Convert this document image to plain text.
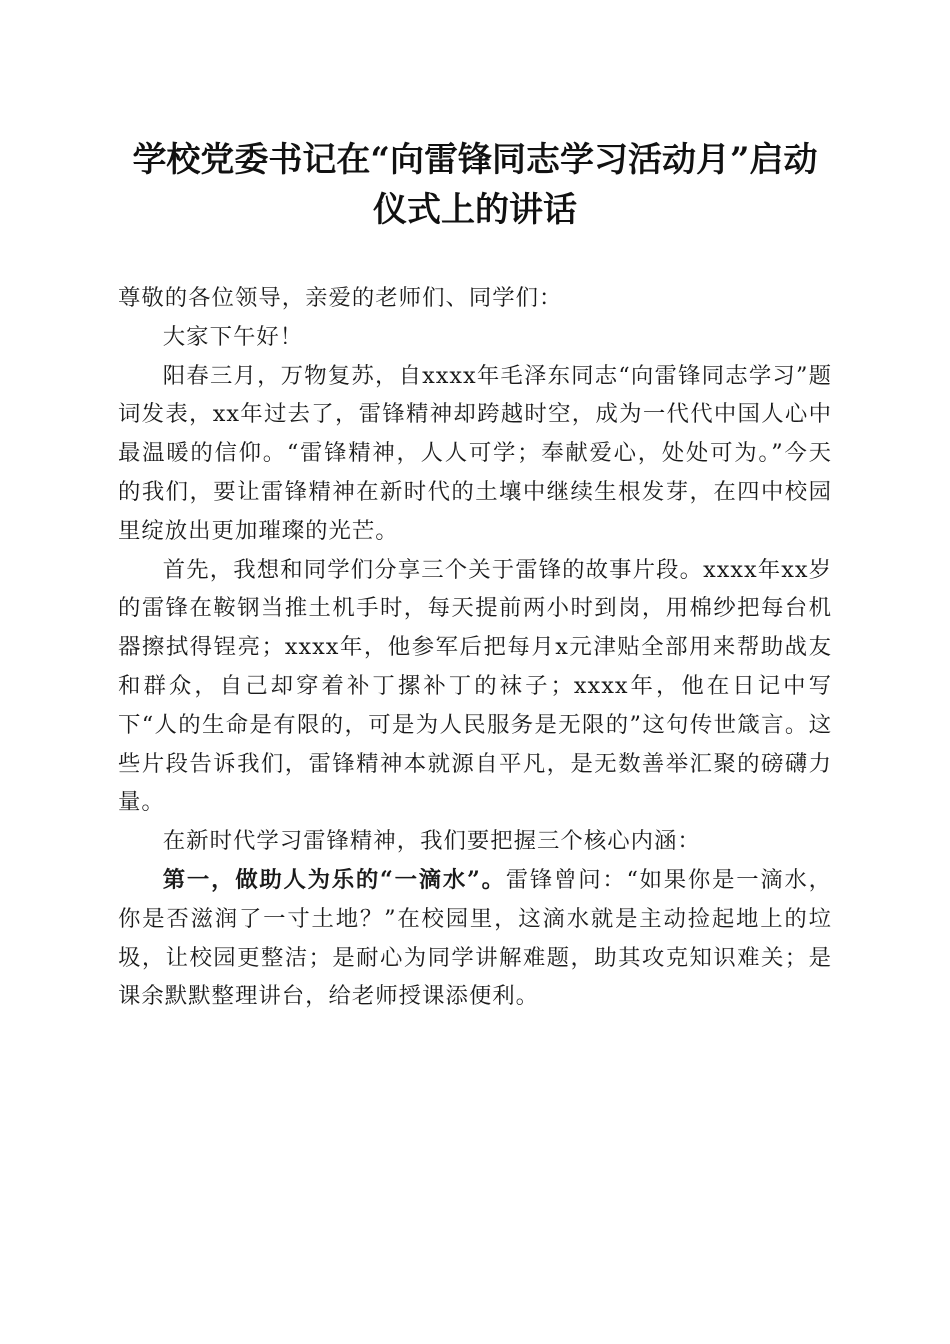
学校党委书记在“向雷锋同志学习活动月”启动仪式上的讲话

尊敬的各位领导，亲爱的老师们、同学们：

大家下午好！

阳春三月，万物复苏，自xxxx年毛泽东同志“向雷锋同志学习”题词发表，xx年过去了，雷锋精神却跨越时空，成为一代代中国人心中最温暖的信仰。“雷锋精神，人人可学；奉献爱心，处处可为。”今天的我们，要让雷锋精神在新时代的土壤中继续生根发芽，在四中校园里绽放出更加璀璨的光芒。

首先，我想和同学们分享三个关于雷锋的故事片段。xxxx年xx岁的雷锋在鞍钢当推土机手时，每天提前两小时到岗，用棉纱把每台机器擦拭得锃亮；xxxx年，他参军后把每月x元津贴全部用来帮助战友和群众，自己却穿着补丁摞补丁的袜子；xxxx年，他在日记中写下“人的生命是有限的，可是为人民服务是无限的”这句传世箴言。这些片段告诉我们，雷锋精神本就源自平凡，是无数善举汇聚的磅礴力量。

在新时代学习雷锋精神，我们要把握三个核心内涵：

第一，做助人为乐的“一滴水”。雷锋曾问：“如果你是一滴水，你是否滋润了一寸土地？”在校园里，这滴水就是主动捡起地上的垃圾，让校园更整洁；是耐心为同学讲解难题，助其攻克知识难关；是课余默默整理讲台，给老师授课添便利。
